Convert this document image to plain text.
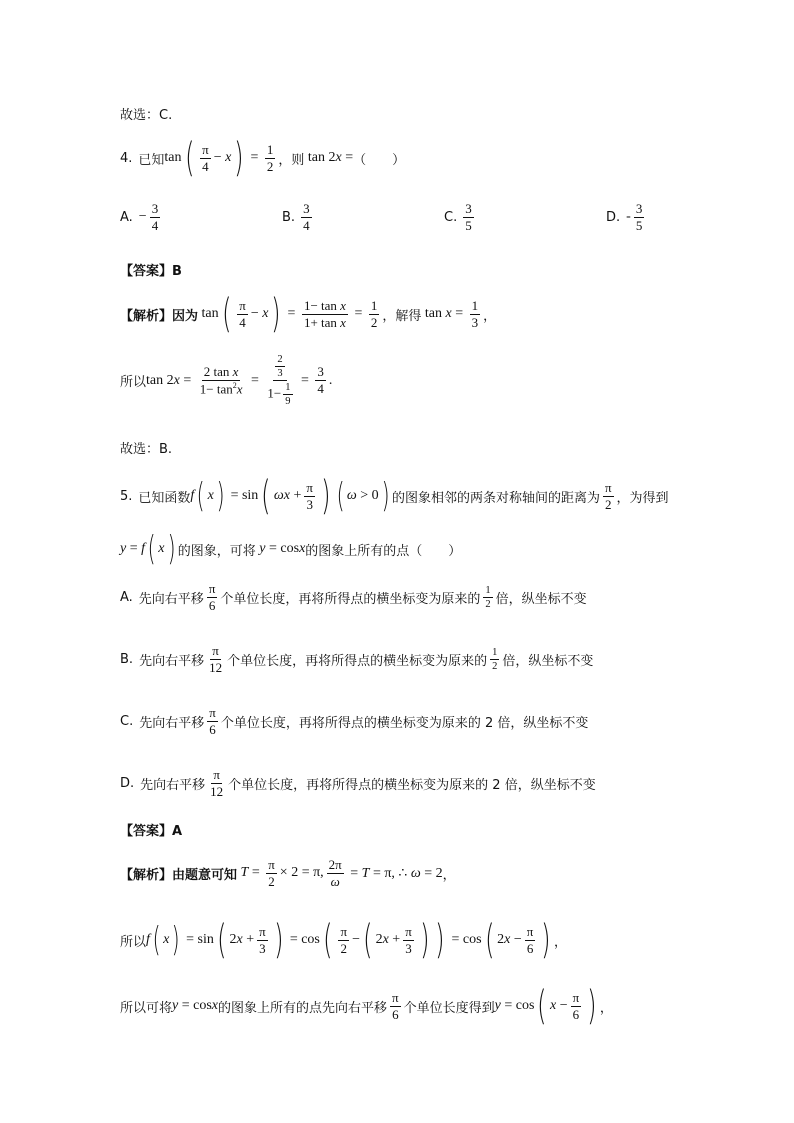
故选：C.
4. 已知 tan ( $\frac{\pi}{4} - x$ ) = $\frac{1}{2}$ ，则 tan 2x = （　　）
A. − $\frac{3}{4}$	B. $\frac{3}{4}$	C. $\frac{3}{5}$	D. - $\frac{3}{5}$
【答案】B
【解析】因为 tan ( $\frac{\pi}{4} - x$ ) = $\frac{\text{1− tan x}}{\text{1+ tan x}} = \frac{1}{2}$ ，解得 $\tan x = \frac{1}{3}$ ，
所以 $\tan 2x = \frac{\text{2 tan x}}{1- \tan^2x} = \frac{\frac{2}{3}}{1- \frac{1}{9}} = \frac{3}{4}$ .
故选：B.
5. 已知函数 f ( x ) = sin ( $\omega x + \frac{\pi}{3}$ ) ( ω > 0 ) 的图象相邻的两条对称轴间的距离为 $\frac{\pi}{2}$ ，为得到
y = f ( x ) 的图象，可将 y = cosx 的图象上所有的点（　　）
A. 先向右平移 $\frac{\pi}{6}$ 个单位长度，再将所得点的横坐标变为原来的 $\frac{1}{2}$ 倍，纵坐标不变
B. 先向右平移 $\frac{\pi}{12}$ 个单位长度，再将所得点的横坐标变为原来的 $\frac{1}{2}$ 倍，纵坐标不变
C. 先向右平移 $\frac{\pi}{6}$ 个单位长度，再将所得点的横坐标变为原来的 2 倍，纵坐标不变
D. 先向右平移 $\frac{\pi}{12}$ 个单位长度，再将所得点的横坐标变为原来的 2 倍，纵坐标不变
【答案】A
【解析】由题意可知 $T = \frac{\pi}{2} \times 2 = \pi$, $\frac{2\pi}{\omega} = T = \pi$, ∴ ω = 2 ，
所以 f ( x ) = sin ( $2x + \frac{\pi}{3}$ ) = cos ( $\frac{\pi}{2}$ − ( $2x + \frac{\pi}{3}$ ) ) = cos ( $2x - \frac{\pi}{6}$ ) ，
所以可将 y = cosx 的图象上所有的点先向右平移 $\frac{\pi}{6}$ 个单位长度得到 y = cos ( $x - \frac{\pi}{6}$ ) ，
